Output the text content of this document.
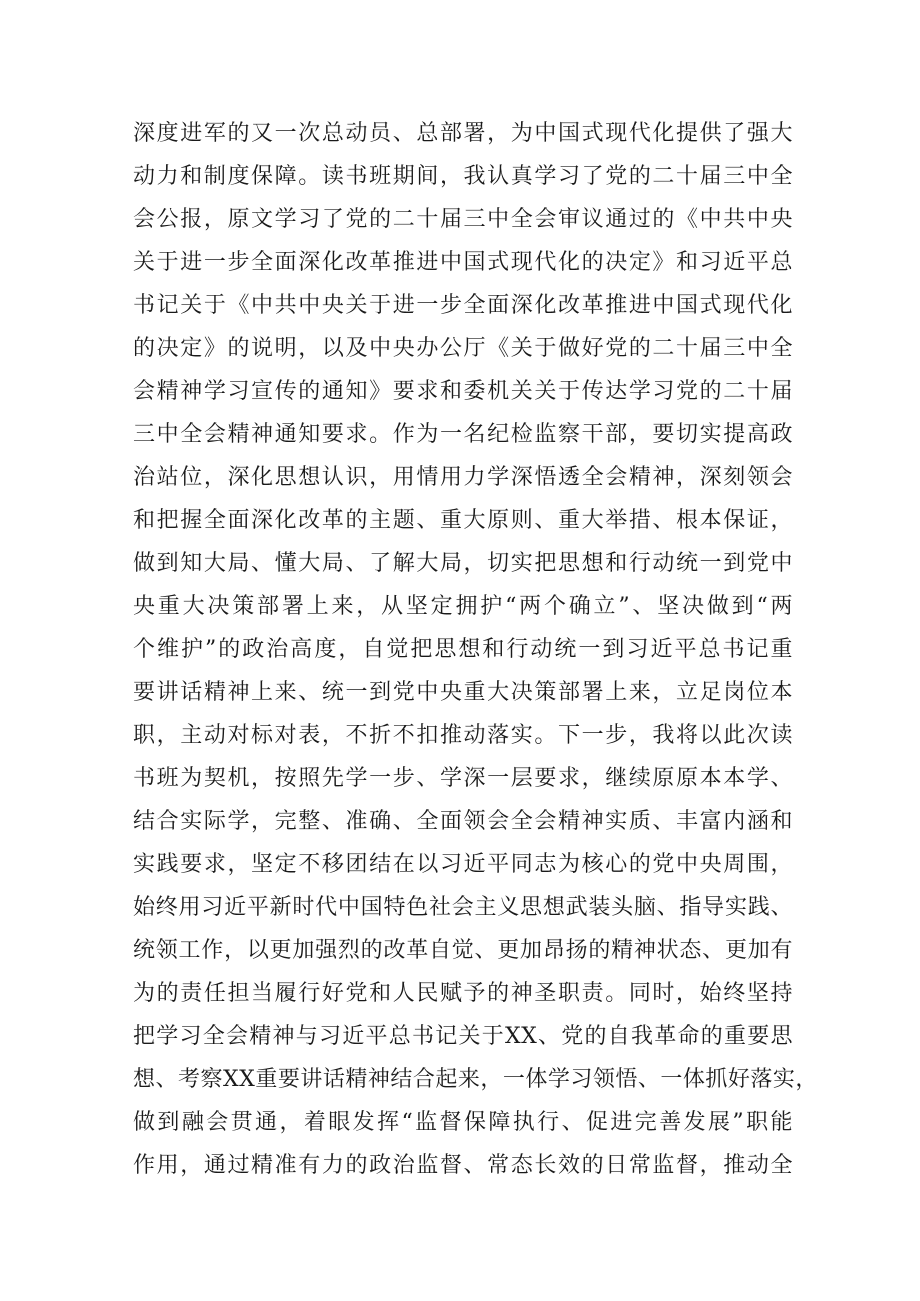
深度进军的又一次总动员、总部署，为中国式现代化提供了强大
动力和制度保障。读书班期间，我认真学习了党的二十届三中全
会公报，原文学习了党的二十届三中全会审议通过的《中共中央
关于进一步全面深化改革推进中国式现代化的决定》和习近平总
书记关于《中共中央关于进一步全面深化改革推进中国式现代化
的决定》的说明，以及中央办公厅《关于做好党的二十届三中全
会精神学习宣传的通知》要求和委机关关于传达学习党的二十届
三中全会精神通知要求。作为一名纪检监察干部，要切实提高政
治站位，深化思想认识，用情用力学深悟透全会精神，深刻领会
和把握全面深化改革的主题、重大原则、重大举措、根本保证，
做到知大局、懂大局、了解大局，切实把思想和行动统一到党中
央重大决策部署上来，从坚定拥护“两个确立”、坚决做到“两
个维护”的政治高度，自觉把思想和行动统一到习近平总书记重
要讲话精神上来、统一到党中央重大决策部署上来，立足岗位本
职，主动对标对表，不折不扣推动落实。下一步，我将以此次读
书班为契机，按照先学一步、学深一层要求，继续原原本本学、
结合实际学，完整、准确、全面领会全会精神实质、丰富内涵和
实践要求，坚定不移团结在以习近平同志为核心的党中央周围，
始终用习近平新时代中国特色社会主义思想武装头脑、指导实践、
统领工作，以更加强烈的改革自觉、更加昂扬的精神状态、更加有
为的责任担当履行好党和人民赋予的神圣职责。同时，始终坚持
把学习全会精神与习近平总书记关于XX、党的自我革命的重要思
想、考察XX重要讲话精神结合起来，一体学习领悟、一体抓好落实，
做到融会贯通，着眼发挥“监督保障执行、促进完善发展”职能
作用，通过精准有力的政治监督、常态长效的日常监督，推动全
